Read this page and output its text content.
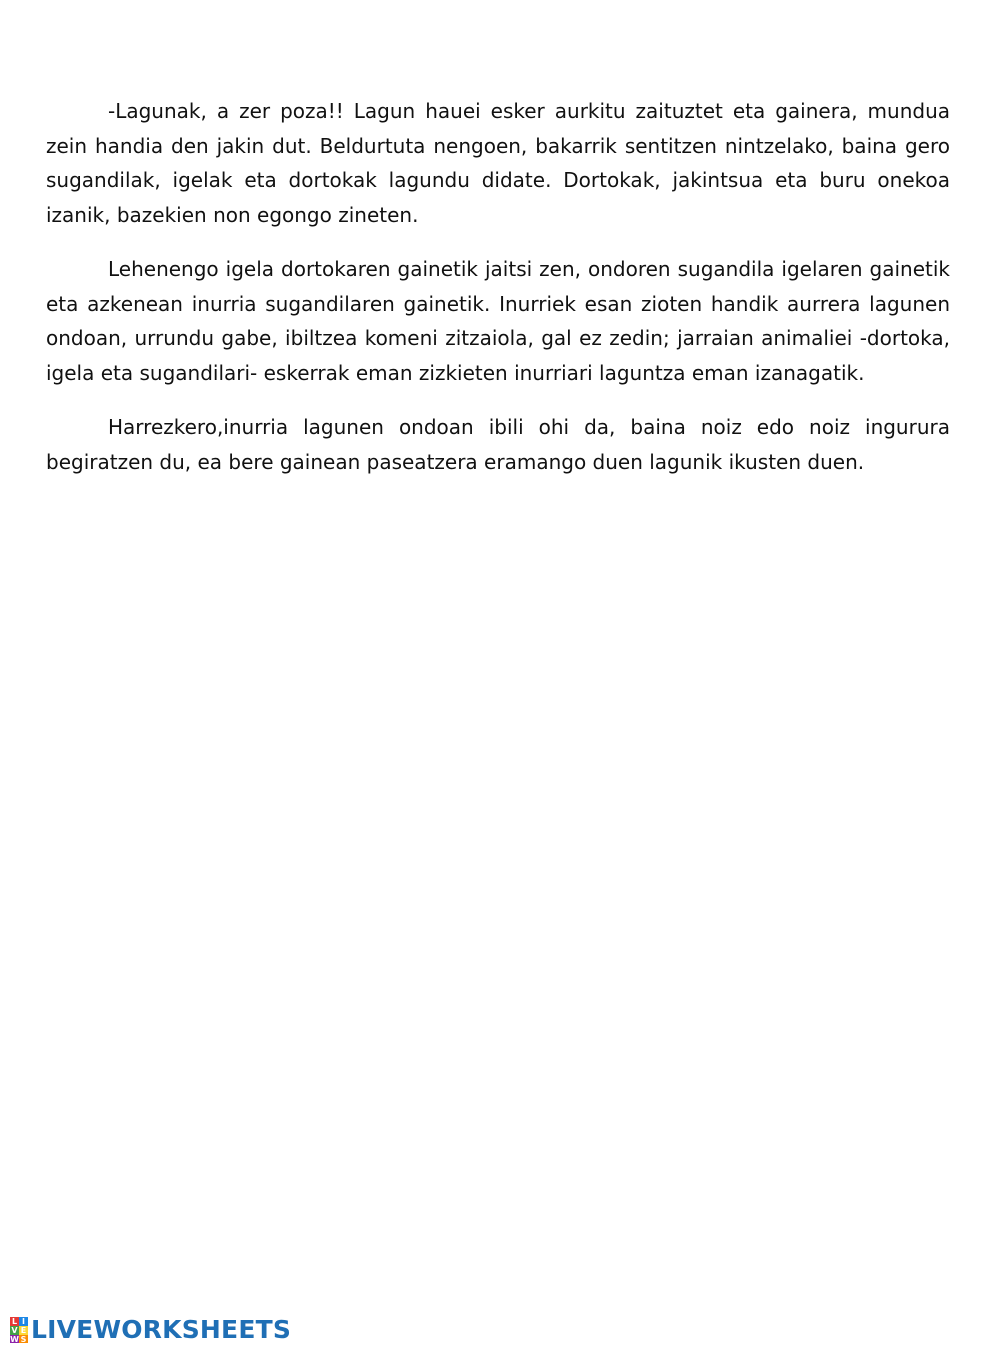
-Lagunak, a zer poza!! Lagun hauei esker aurkitu zaituztet eta gainera, mundua zein handia den jakin dut. Beldurtuta nengoen, bakarrik sentitzen nintzelako, baina gero sugandilak, igelak eta dortokak lagundu didate. Dortokak, jakintsua eta buru onekoa izanik, bazekien non egongo zineten.

Lehenengo igela dortokaren gainetik jaitsi zen, ondoren sugandila igelaren gainetik eta azkenean inurria sugandilaren gainetik. Inurriek esan zioten handik aurrera lagunen ondoan, urrundu gabe, ibiltzea komeni zitzaiola, gal ez zedin; jarraian animaliei -dortoka, igela eta sugandilari- eskerrak eman zizkieten inurriari laguntza eman izanagatik.

Harrezkero,inurria lagunen ondoan ibili ohi da, baina noiz edo noiz ingurura begiratzen du, ea bere gainean paseatzera eramango duen lagunik ikusten duen.

L I
V E
W S LIVEWORKSHEETS
